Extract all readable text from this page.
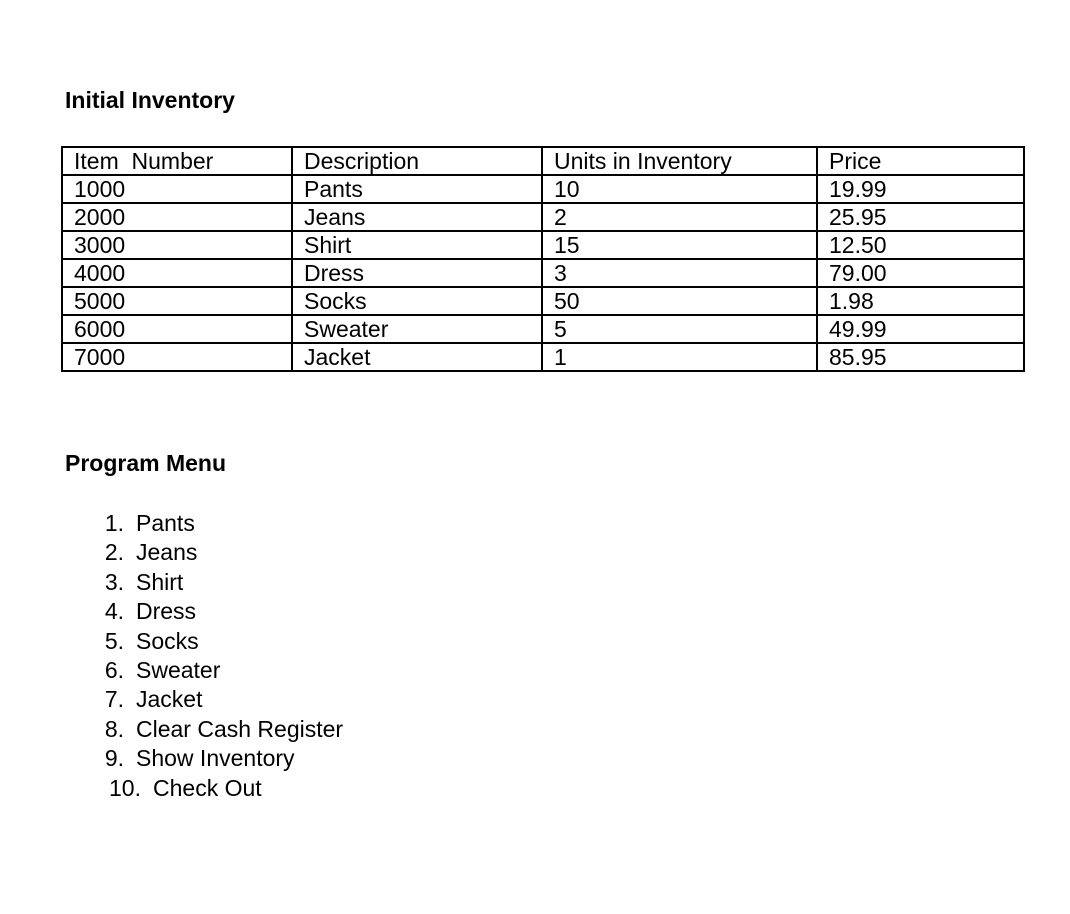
Initial Inventory
Item  Number	Description	Units in Inventory	Price
1000	Pants	10	19.99
2000	Jeans	2	25.95
3000	Shirt	15	12.50
4000	Dress	3	79.00
5000	Socks	50	1.98
6000	Sweater	5	49.99
7000	Jacket	1	85.95
Program Menu
1. Pants
2. Jeans
3. Shirt
4. Dress
5. Socks
6. Sweater
7. Jacket
8. Clear Cash Register
9. Show Inventory
10. Check Out
